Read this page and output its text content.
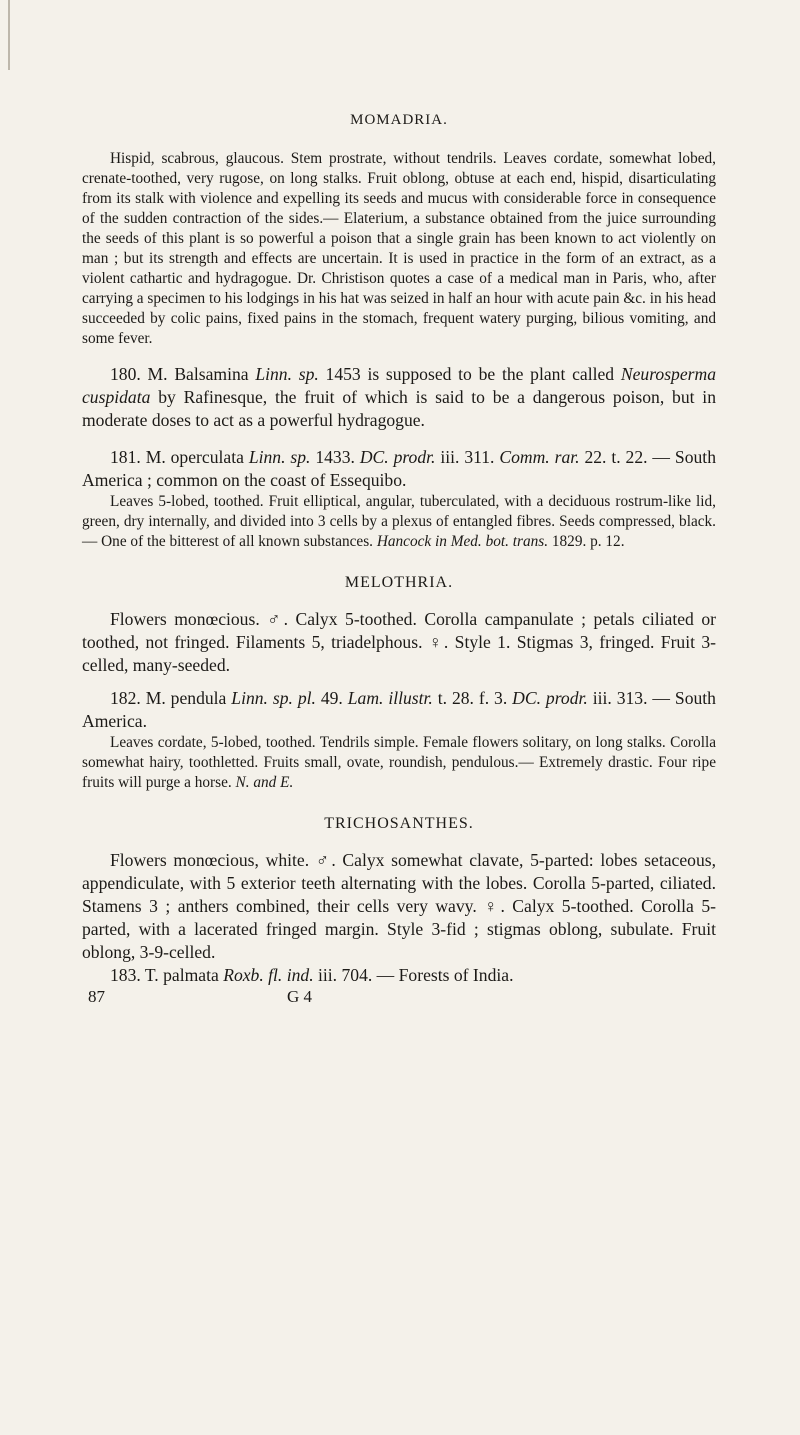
MOMADRIA.

Hispid, scabrous, glaucous. Stem prostrate, without tendrils. Leaves cordate, somewhat lobed, crenate-toothed, very rugose, on long stalks. Fruit oblong, obtuse at each end, hispid, disarticulating from its stalk with violence and expelling its seeds and mucus with considerable force in consequence of the sudden contraction of the sides.— Elaterium, a substance obtained from the juice surrounding the seeds of this plant is so powerful a poison that a single grain has been known to act violently on man ; but its strength and effects are uncertain. It is used in practice in the form of an extract, as a violent cathartic and hydragogue. Dr. Christison quotes a case of a medical man in Paris, who, after carrying a specimen to his lodgings in his hat was seized in half an hour with acute pain &c. in his head succeeded by colic pains, fixed pains in the stomach, frequent watery purging, bilious vomiting, and some fever.

180. M. Balsamina Linn. sp. 1453 is supposed to be the plant called Neurosperma cuspidata by Rafinesque, the fruit of which is said to be a dangerous poison, but in moderate doses to act as a powerful hydragogue.

181. M. operculata Linn. sp. 1433. DC. prodr. iii. 311. Comm. rar. 22. t. 22. — South America ; common on the coast of Essequibo.

Leaves 5-lobed, toothed. Fruit elliptical, angular, tuberculated, with a deciduous rostrum-like lid, green, dry internally, and divided into 3 cells by a plexus of entangled fibres. Seeds compressed, black. — One of the bitterest of all known substances. Hancock in Med. bot. trans. 1829. p. 12.

MELOTHRIA.

Flowers monœcious. ♂. Calyx 5-toothed. Corolla campanulate ; petals ciliated or toothed, not fringed. Filaments 5, triadelphous. ♀. Style 1. Stigmas 3, fringed. Fruit 3-celled, many-seeded.

182. M. pendula Linn. sp. pl. 49. Lam. illustr. t. 28. f. 3. DC. prodr. iii. 313. — South America.

Leaves cordate, 5-lobed, toothed. Tendrils simple. Female flowers solitary, on long stalks. Corolla somewhat hairy, toothletted. Fruits small, ovate, roundish, pendulous.— Extremely drastic. Four ripe fruits will purge a horse. N. and E.

TRICHOSANTHES.

Flowers monœcious, white. ♂. Calyx somewhat clavate, 5-parted: lobes setaceous, appendiculate, with 5 exterior teeth alternating with the lobes. Corolla 5-parted, ciliated. Stamens 3 ; anthers combined, their cells very wavy. ♀. Calyx 5-toothed. Corolla 5-parted, with a lacerated fringed margin. Style 3-fid ; stigmas oblong, subulate. Fruit oblong, 3-9-celled.

183. T. palmata Roxb. fl. ind. iii. 704. — Forests of India.

87	G 4
